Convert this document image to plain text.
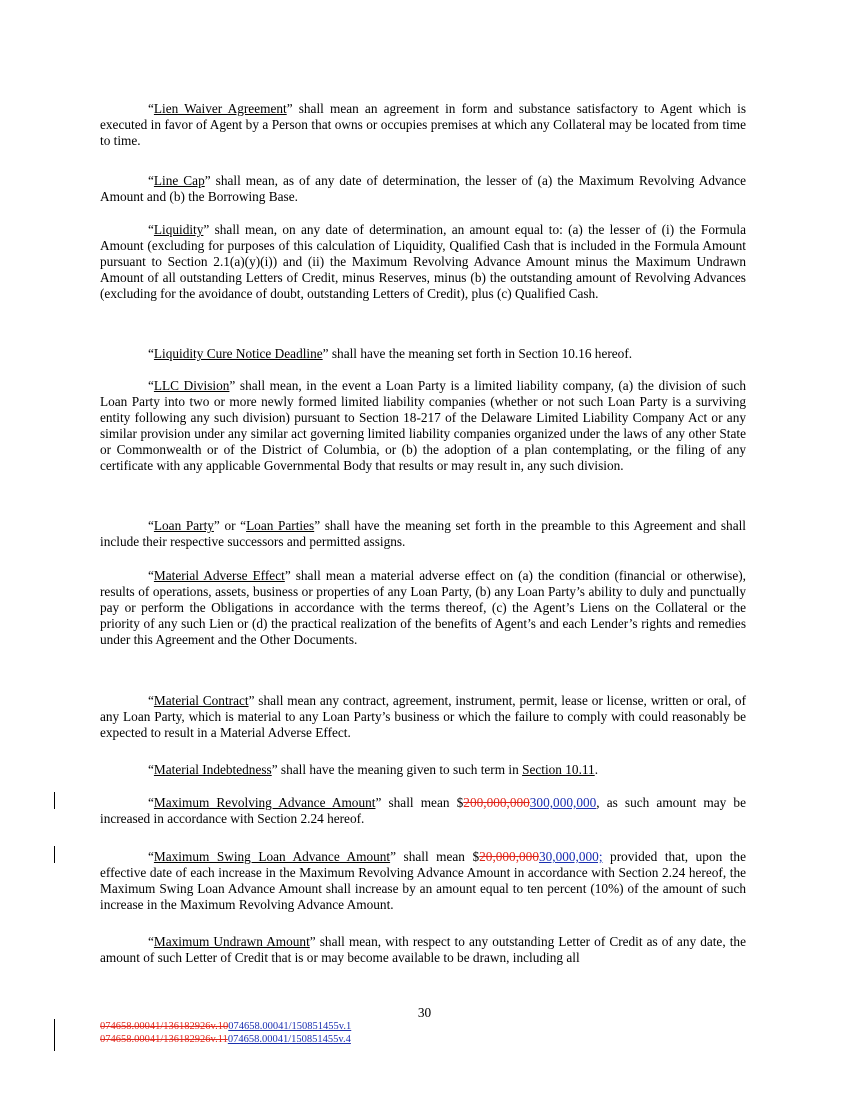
“Lien Waiver Agreement” shall mean an agreement in form and substance satisfactory to Agent which is executed in favor of Agent by a Person that owns or occupies premises at which any Collateral may be located from time to time.

“Line Cap” shall mean, as of any date of determination, the lesser of (a) the Maximum Revolving Advance Amount and (b) the Borrowing Base.

“Liquidity” shall mean, on any date of determination, an amount equal to: (a) the lesser of (i) the Formula Amount (excluding for purposes of this calculation of Liquidity, Qualified Cash that is included in the Formula Amount pursuant to Section 2.1(a)(y)(i)) and (ii) the Maximum Revolving Advance Amount minus the Maximum Undrawn Amount of all outstanding Letters of Credit, minus Reserves, minus (b) the outstanding amount of Revolving Advances (excluding for the avoidance of doubt, outstanding Letters of Credit), plus (c) Qualified Cash.

“Liquidity Cure Notice Deadline” shall have the meaning set forth in Section 10.16 hereof.

“LLC Division” shall mean, in the event a Loan Party is a limited liability company, (a) the division of such Loan Party into two or more newly formed limited liability companies (whether or not such Loan Party is a surviving entity following any such division) pursuant to Section 18-217 of the Delaware Limited Liability Company Act or any similar provision under any similar act governing limited liability companies organized under the laws of any other State or Commonwealth or of the District of Columbia, or (b) the adoption of a plan contemplating, or the filing of any certificate with any applicable Governmental Body that results or may result in, any such division.

“Loan Party” or “Loan Parties” shall have the meaning set forth in the preamble to this Agreement and shall include their respective successors and permitted assigns.

“Material Adverse Effect” shall mean a material adverse effect on (a) the condition (financial or otherwise), results of operations, assets, business or properties of any Loan Party, (b) any Loan Party’s ability to duly and punctually pay or perform the Obligations in accordance with the terms thereof, (c) the Agent’s Liens on the Collateral or the priority of any such Lien or (d) the practical realization of the benefits of Agent’s and each Lender’s rights and remedies under this Agreement and the Other Documents.

“Material Contract” shall mean any contract, agreement, instrument, permit, lease or license, written or oral, of any Loan Party, which is material to any Loan Party’s business or which the failure to comply with could reasonably be expected to result in a Material Adverse Effect.

“Material Indebtedness” shall have the meaning given to such term in Section 10.11.

“Maximum Revolving Advance Amount” shall mean $200,000,000300,000,000, as such amount may be increased in accordance with Section 2.24 hereof.

“Maximum Swing Loan Advance Amount” shall mean $20,000,00030,000,000; provided that, upon the effective date of each increase in the Maximum Revolving Advance Amount in accordance with Section 2.24 hereof, the Maximum Swing Loan Advance Amount shall increase by an amount equal to ten percent (10%) of the amount of such increase in the Maximum Revolving Advance Amount.

“Maximum Undrawn Amount” shall mean, with respect to any outstanding Letter of Credit as of any date, the amount of such Letter of Credit that is or may become available to be drawn, including all

30
074658.00041/136182926v.10074658.00041/150851455v.1
074658.00041/136182926v.11074658.00041/150851455v.4
